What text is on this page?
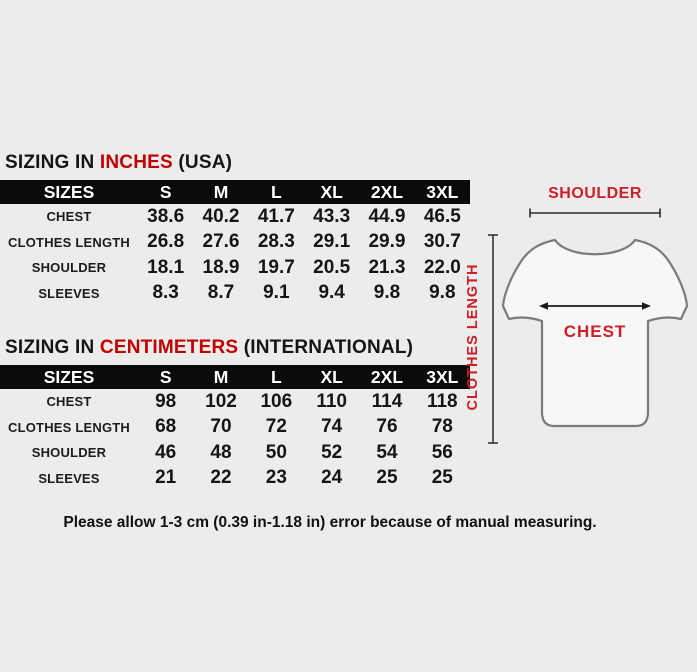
SIZING IN INCHES (USA)
SIZES	S	M	L	XL	2XL	3XL
CHEST	38.6 40.2 41.7 43.3 44.9 46.5
CLOTHES LENGTH 26.8 27.6 28.3 29.1 29.9 30.7
SHOULDER	18.1 18.9 19.7 20.5 21.3 22.0
SLEEVES	8.3	8.7	9.1	9.4	9.8	9.8
SIZING IN CENTIMETERS (INTERNATIONAL)
SIZES	S	M	L	XL	2XL	3XL
CHEST	98	102	106	110	114	118
CLOTHES LENGTH	68	70	72	74	76	78
SHOULDER	46	48	50	52	54	56
SLEEVES	21	22	23	24	25	25
SHOULDER
CLOTHES LENGTH	CHEST
Please allow 1-3 cm (0.39 in-1.18 in) error because of manual measuring.
